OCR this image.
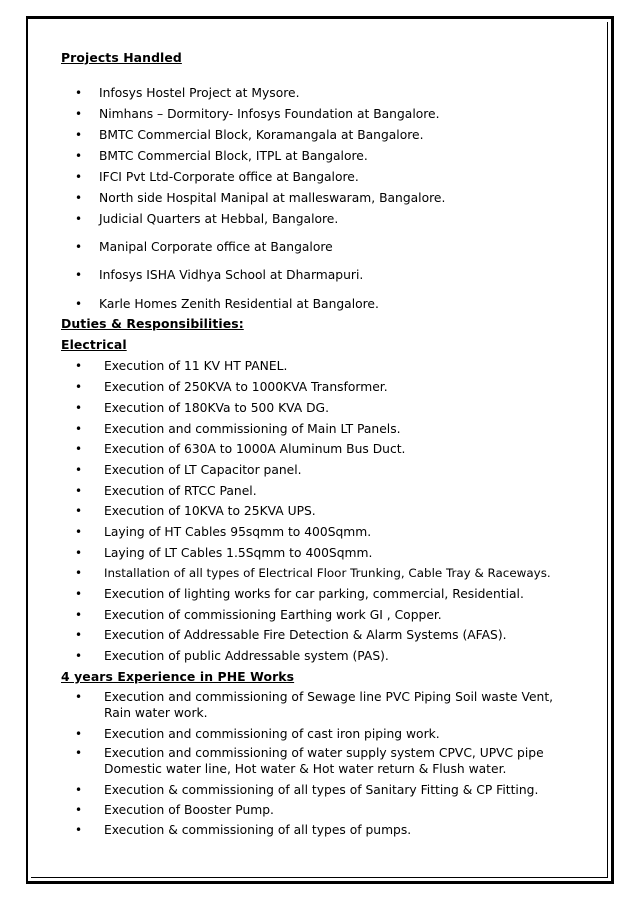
Projects Handled
• Infosys Hostel Project at Mysore.
• Nimhans – Dormitory- Infosys Foundation at Bangalore.
• BMTC Commercial Block, Koramangala at Bangalore.
• BMTC Commercial Block, ITPL at Bangalore.
• IFCI Pvt Ltd-Corporate office at Bangalore.
• North side Hospital Manipal at malleswaram, Bangalore.
• Judicial Quarters at Hebbal, Bangalore.
• Manipal Corporate office at Bangalore
• Infosys ISHA Vidhya School at Dharmapuri.
• Karle Homes Zenith Residential at Bangalore.
Duties & Responsibilities:
Electrical
• Execution of 11 KV HT PANEL.
• Execution of 250KVA to 1000KVA Transformer.
• Execution of 180KVa to 500 KVA DG.
• Execution and commissioning of Main LT Panels.
• Execution of 630A to 1000A Aluminum Bus Duct.
• Execution of LT Capacitor panel.
• Execution of RTCC Panel.
• Execution of 10KVA to 25KVA UPS.
• Laying of HT Cables 95sqmm to 400Sqmm.
• Laying of LT Cables 1.5Sqmm to 400Sqmm.
• Installation of all types of Electrical Floor Trunking, Cable Tray & Raceways.
• Execution of lighting works for car parking, commercial, Residential.
• Execution of commissioning Earthing work GI , Copper.
• Execution of Addressable Fire Detection & Alarm Systems (AFAS).
• Execution of public Addressable system (PAS).
4 years Experience in PHE Works
• Execution and commissioning of Sewage line PVC Piping Soil waste Vent, Rain water work.
• Execution and commissioning of cast iron piping work.
• Execution and commissioning of water supply system CPVC, UPVC pipe Domestic water line, Hot water & Hot water return & Flush water.
• Execution & commissioning of all types of Sanitary Fitting & CP Fitting.
• Execution of Booster Pump.
• Execution & commissioning of all types of pumps.
